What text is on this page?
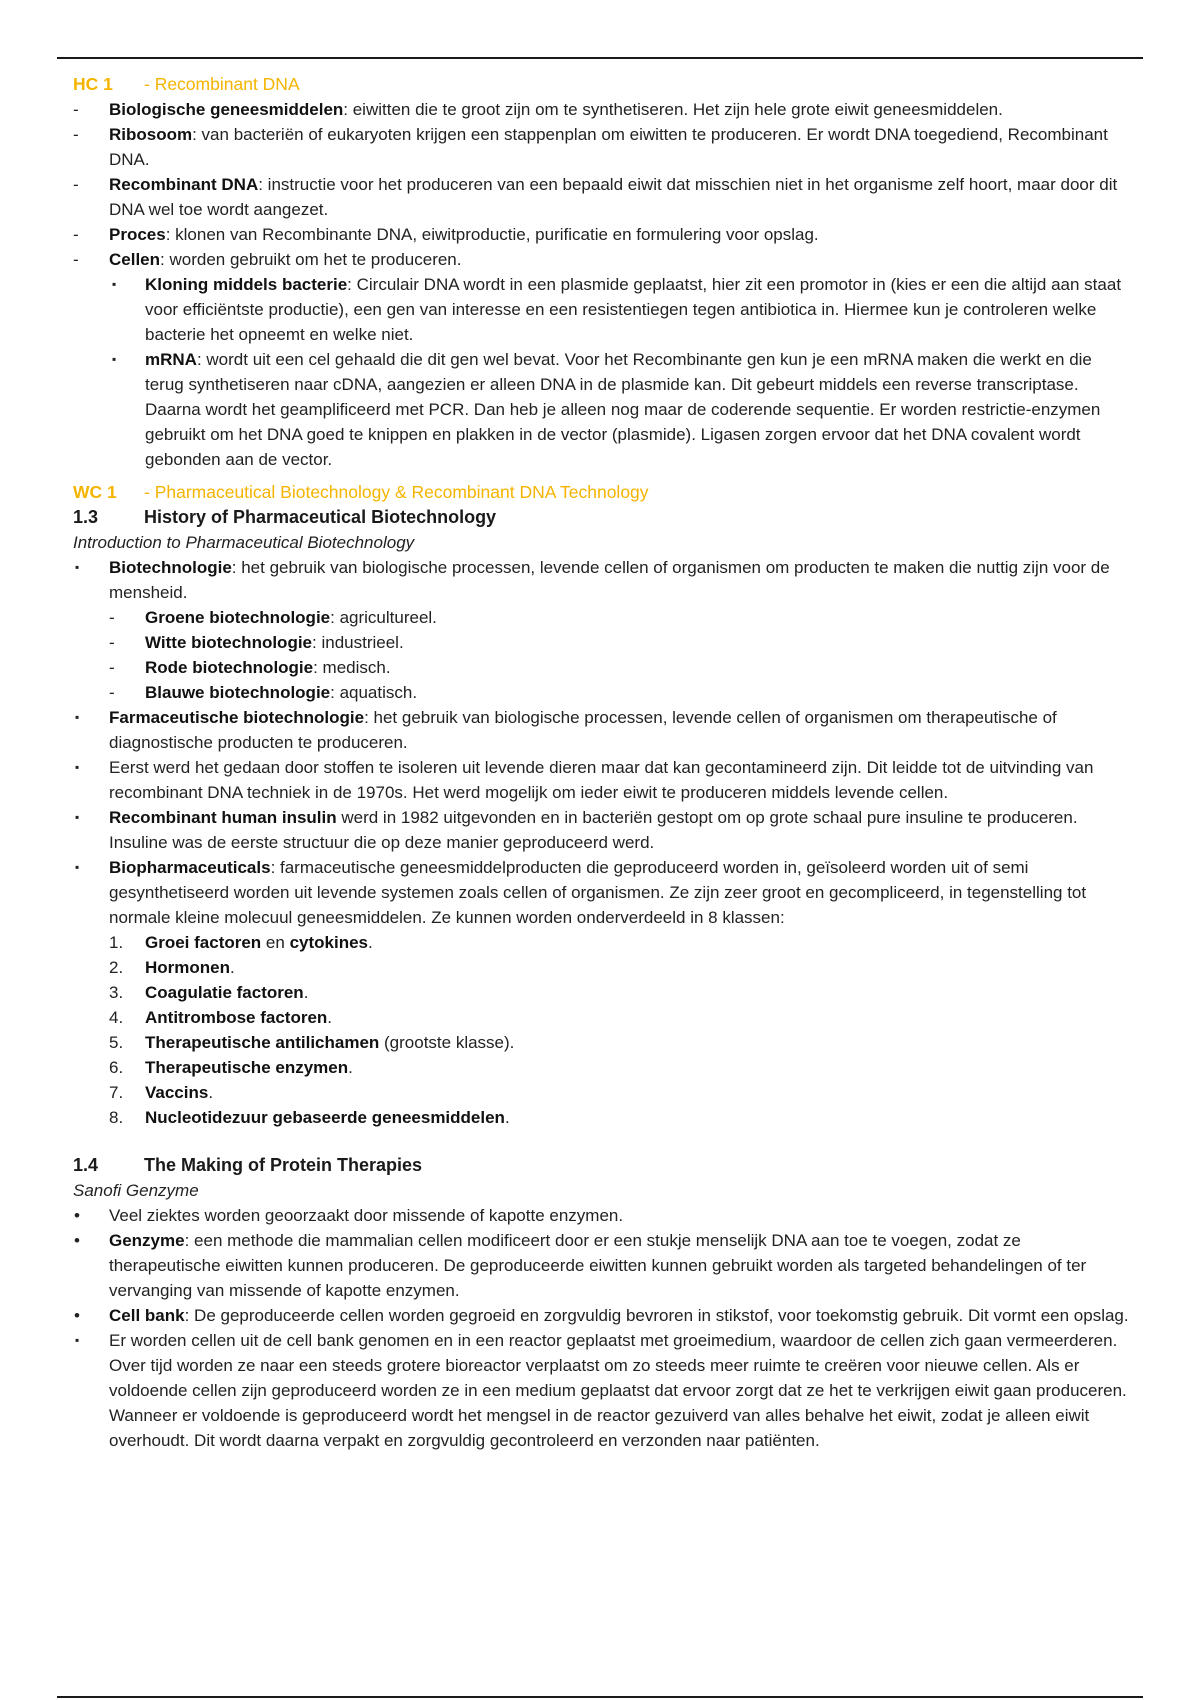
HC 1	- Recombinant DNA
-	Biologische geneesmiddelen: eiwitten die te groot zijn om te synthetiseren. Het zijn hele grote eiwit geneesmiddelen.
-	Ribosoom: van bacteriën of eukaryoten krijgen een stappenplan om eiwitten te produceren. Er wordt DNA toegediend, Recombinant DNA.
-	Recombinant DNA: instructie voor het produceren van een bepaald eiwit dat misschien niet in het organisme zelf hoort, maar door dit DNA wel toe wordt aangezet.
-	Proces: klonen van Recombinante DNA, eiwitproductie, purificatie en formulering voor opslag.
-	Cellen: worden gebruikt om het te produceren.
▪	Kloning middels bacterie: Circulair DNA wordt in een plasmide geplaatst, hier zit een promotor in (kies er een die altijd aan staat voor efficiëntste productie), een gen van interesse en een resistentiegen tegen antibiotica in. Hiermee kun je controleren welke bacterie het opneemt en welke niet.
▪	mRNA: wordt uit een cel gehaald die dit gen wel bevat. Voor het Recombinante gen kun je een mRNA maken die werkt en die terug synthetiseren naar cDNA, aangezien er alleen DNA in de plasmide kan. Dit gebeurt middels een reverse transcriptase. Daarna wordt het geamplificeerd met PCR. Dan heb je alleen nog maar de coderende sequentie. Er worden restrictie-enzymen gebruikt om het DNA goed te knippen en plakken in de vector (plasmide). Ligasen zorgen ervoor dat het DNA covalent wordt gebonden aan de vector.
WC 1	- Pharmaceutical Biotechnology & Recombinant DNA Technology
1.3	History of Pharmaceutical Biotechnology
Introduction to Pharmaceutical Biotechnology
▪	Biotechnologie: het gebruik van biologische processen, levende cellen of organismen om producten te maken die nuttig zijn voor de mensheid.
-	Groene biotechnologie: agricultureel.
-	Witte biotechnologie: industrieel.
-	Rode biotechnologie: medisch.
-	Blauwe biotechnologie: aquatisch.
▪	Farmaceutische biotechnologie: het gebruik van biologische processen, levende cellen of organismen om therapeutische of diagnostische producten te produceren.
▪	Eerst werd het gedaan door stoffen te isoleren uit levende dieren maar dat kan gecontamineerd zijn. Dit leidde tot de uitvinding van recombinant DNA techniek in de 1970s. Het werd mogelijk om ieder eiwit te produceren middels levende cellen.
▪	Recombinant human insulin werd in 1982 uitgevonden en in bacteriën gestopt om op grote schaal pure insuline te produceren. Insuline was de eerste structuur die op deze manier geproduceerd werd.
▪	Biopharmaceuticals: farmaceutische geneesmiddelproducten die geproduceerd worden in, geïsoleerd worden uit of semi gesynthetiseerd worden uit levende systemen zoals cellen of organismen. Ze zijn zeer groot en gecompliceerd, in tegenstelling tot normale kleine molecuul geneesmiddelen. Ze kunnen worden onderverdeeld in 8 klassen:
1.	Groei factoren en cytokines.
2.	Hormonen.
3.	Coagulatie factoren.
4.	Antitrombose factoren.
5.	Therapeutische antilichamen (grootste klasse).
6.	Therapeutische enzymen.
7.	Vaccins.
8.	Nucleotidezuur gebaseerde geneesmiddelen.
1.4	The Making of Protein Therapies
Sanofi Genzyme
•	Veel ziektes worden geoorzaakt door missende of kapotte enzymen.
•	Genzyme: een methode die mammalian cellen modificeert door er een stukje menselijk DNA aan toe te voegen, zodat ze therapeutische eiwitten kunnen produceren. De geproduceerde eiwitten kunnen gebruikt worden als targeted behandelingen of ter vervanging van missende of kapotte enzymen.
•	Cell bank: De geproduceerde cellen worden gegroeid en zorgvuldig bevroren in stikstof, voor toekomstig gebruik. Dit vormt een opslag.
▪	Er worden cellen uit de cell bank genomen en in een reactor geplaatst met groeimedium, waardoor de cellen zich gaan vermeerderen. Over tijd worden ze naar een steeds grotere bioreactor verplaatst om zo steeds meer ruimte te creëren voor nieuwe cellen. Als er voldoende cellen zijn geproduceerd worden ze in een medium geplaatst dat ervoor zorgt dat ze het te verkrijgen eiwit gaan produceren. Wanneer er voldoende is geproduceerd wordt het mengsel in de reactor gezuiverd van alles behalve het eiwit, zodat je alleen eiwit overhoudt. Dit wordt daarna verpakt en zorgvuldig gecontroleerd en verzonden naar patiënten.
